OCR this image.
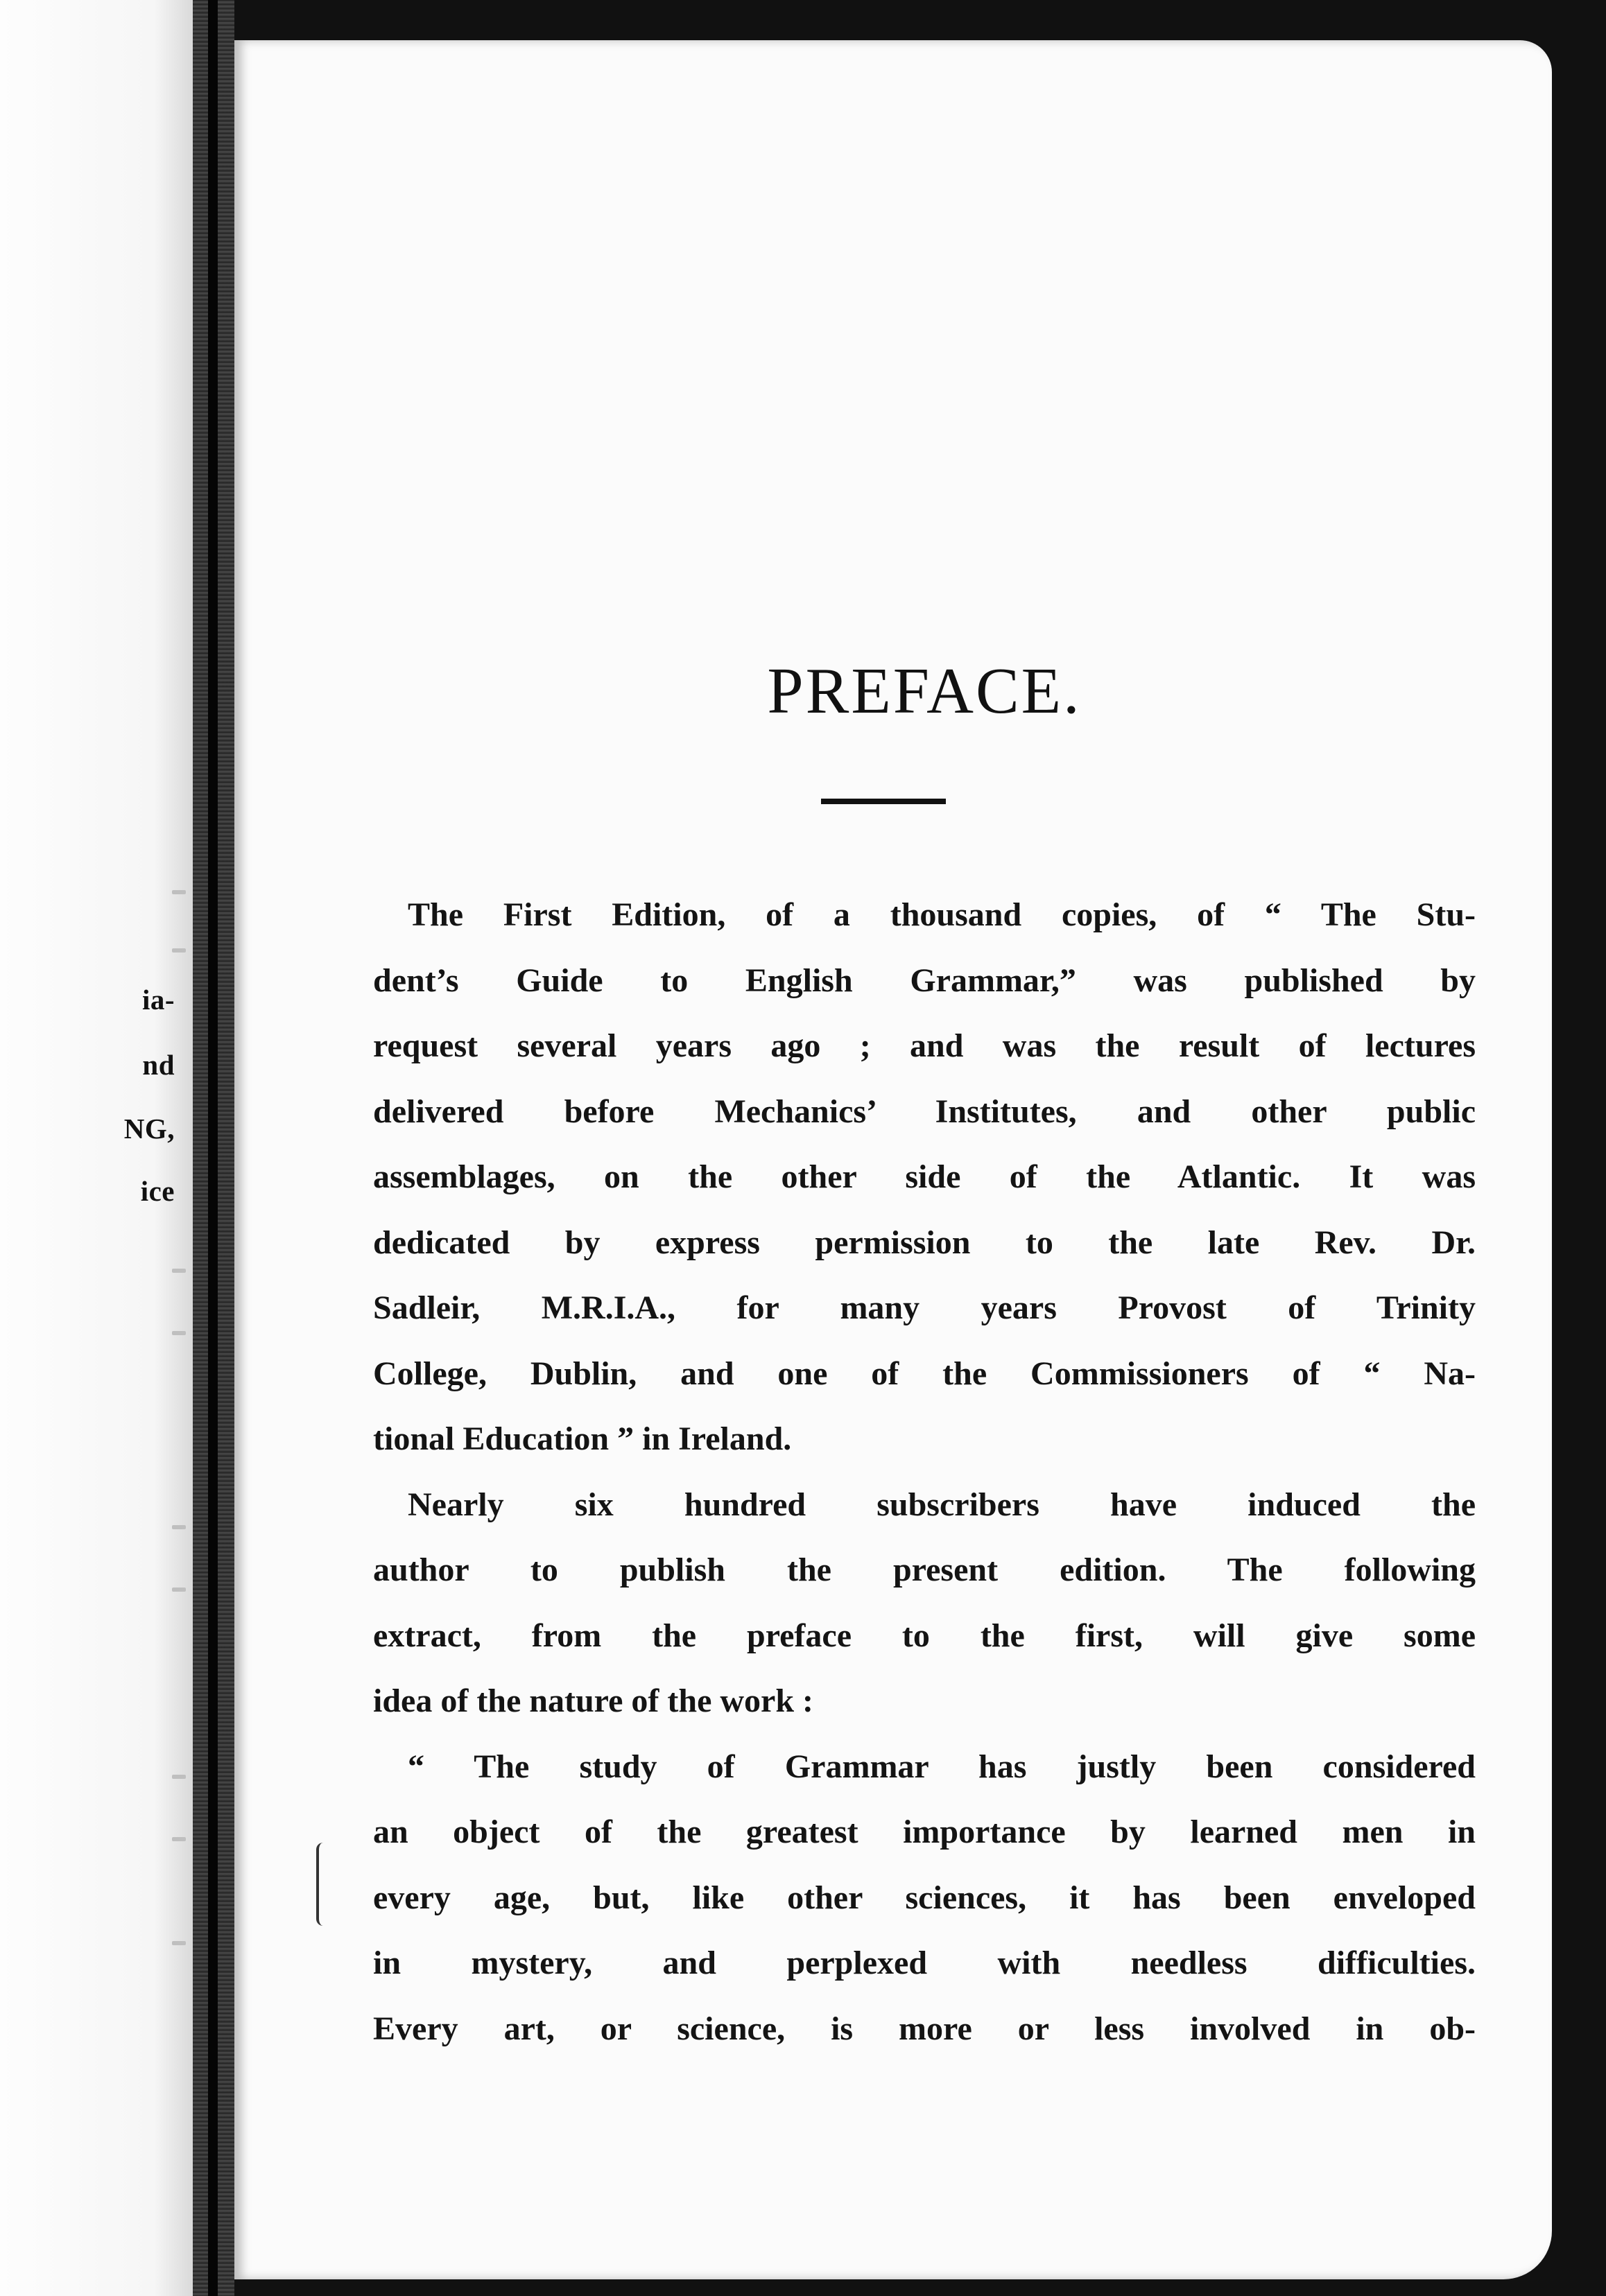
ia-
nd
NG,
ice
PREFACE.
The First Edition, of a thousand copies, of “ The Stu-
dent’s Guide to English Grammar,” was published by
request several years ago ; and was the result of lectures
delivered before Mechanics’ Institutes, and other public
assemblages, on the other side of the Atlantic. It was
dedicated by express permission to the late Rev. Dr.
Sadleir, M.R.I.A., for many years Provost of Trinity
College, Dublin, and one of the Commissioners of “ Na-
tional Education ” in Ireland.
Nearly six hundred subscribers have induced the
author to publish the present edition. The following
extract, from the preface to the first, will give some
idea of the nature of the work :
“ The study of Grammar has justly been considered
an object of the greatest importance by learned men in
every age, but, like other sciences, it has been enveloped
in mystery, and perplexed with needless difficulties.
Every art, or science, is more or less involved in ob-
